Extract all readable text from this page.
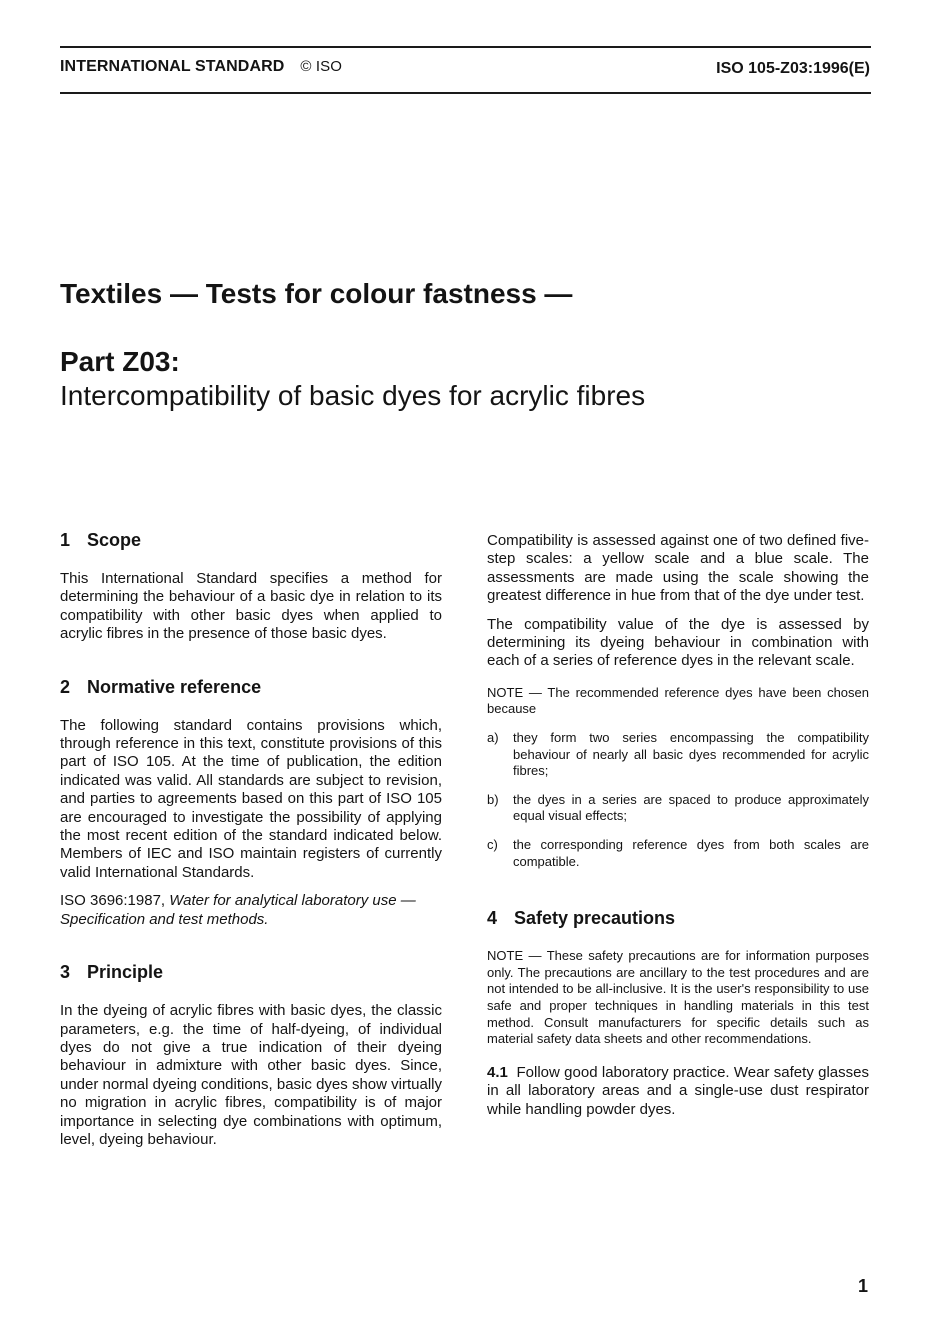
INTERNATIONAL STANDARD © ISO	ISO 105-Z03:1996(E)
Textiles — Tests for colour fastness —
Part Z03:
Intercompatibility of basic dyes for acrylic fibres
1 Scope

This International Standard specifies a method for determining the behaviour of a basic dye in relation to its compatibility with other basic dyes when applied to acrylic fibres in the presence of those basic dyes.

2 Normative reference

The following standard contains provisions which, through reference in this text, constitute provisions of this part of ISO 105. At the time of publication, the edition indicated was valid. All standards are subject to revision, and parties to agreements based on this part of ISO 105 are encouraged to investigate the possibility of applying the most recent edition of the standard indicated below. Members of IEC and ISO maintain registers of currently valid International Standards.

ISO 3696:1987, Water for analytical laboratory use — Specification and test methods.

3 Principle

In the dyeing of acrylic fibres with basic dyes, the classic parameters, e.g. the time of half-dyeing, of individual dyes do not give a true indication of their dyeing behaviour in admixture with other basic dyes. Since, under normal dyeing conditions, basic dyes show virtually no migration in acrylic fibres, compatibility is of major importance in selecting dye combinations with optimum, level, dyeing behaviour.

Compatibility is assessed against one of two defined five-step scales: a yellow scale and a blue scale. The assessments are made using the scale showing the greatest difference in hue from that of the dye under test.

The compatibility value of the dye is assessed by determining its dyeing behaviour in combination with each of a series of reference dyes in the relevant scale.

NOTE — The recommended reference dyes have been chosen because

a)	they form two series encompassing the compatibility behaviour of nearly all basic dyes recommended for acrylic fibres;
b)	the dyes in a series are spaced to produce approximately equal visual effects;
c)	the corresponding reference dyes from both scales are compatible.
4 Safety precautions

NOTE — These safety precautions are for information purposes only. The precautions are ancillary to the test procedures and are not intended to be all-inclusive. It is the user's responsibility to use safe and proper techniques in handling materials in this test method. Consult manufacturers for specific details such as material safety data sheets and other recommendations.

4.1 Follow good laboratory practice. Wear safety glasses in all laboratory areas and a single-use dust respirator while handling powder dyes.

1
